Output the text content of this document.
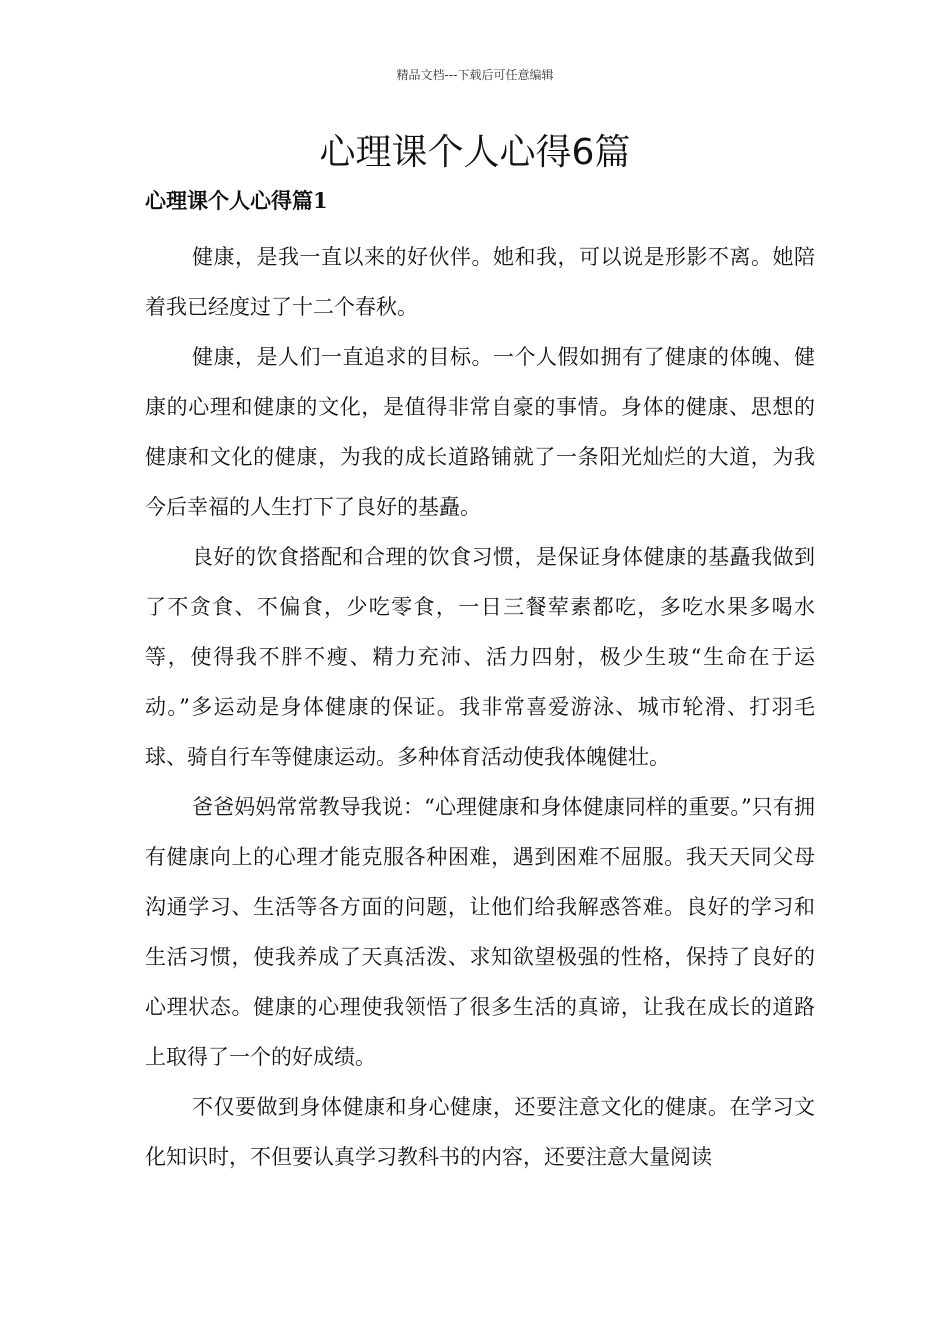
精品文档---下载后可任意编辑
心理课个人心得6篇
心理课个人心得篇1

健康，是我一直以来的好伙伴。她和我，可以说是形影不离。她陪着我已经度过了十二个春秋。

健康，是人们一直追求的目标。一个人假如拥有了健康的体魄、健康的心理和健康的文化，是值得非常自豪的事情。身体的健康、思想的健康和文化的健康，为我的成长道路铺就了一条阳光灿烂的大道，为我今后幸福的人生打下了良好的基矗。

良好的饮食搭配和合理的饮食习惯，是保证身体健康的基矗我做到了不贪食、不偏食，少吃零食，一日三餐荤素都吃，多吃水果多喝水等，使得我不胖不瘦、精力充沛、活力四射，极少生玻“生命在于运动。”多运动是身体健康的保证。我非常喜爱游泳、城市轮滑、打羽毛球、骑自行车等健康运动。多种体育活动使我体魄健壮。

爸爸妈妈常常教导我说：“心理健康和身体健康同样的重要。”只有拥有健康向上的心理才能克服各种困难，遇到困难不屈服。我天天同父母沟通学习、生活等各方面的问题，让他们给我解惑答难。良好的学习和生活习惯，使我养成了天真活泼、求知欲望极强的性格，保持了良好的心理状态。健康的心理使我领悟了很多生活的真谛，让我在成长的道路上取得了一个的好成绩。

不仅要做到身体健康和身心健康，还要注意文化的健康。在学习文化知识时，不但要认真学习教科书的内容，还要注意大量阅读
